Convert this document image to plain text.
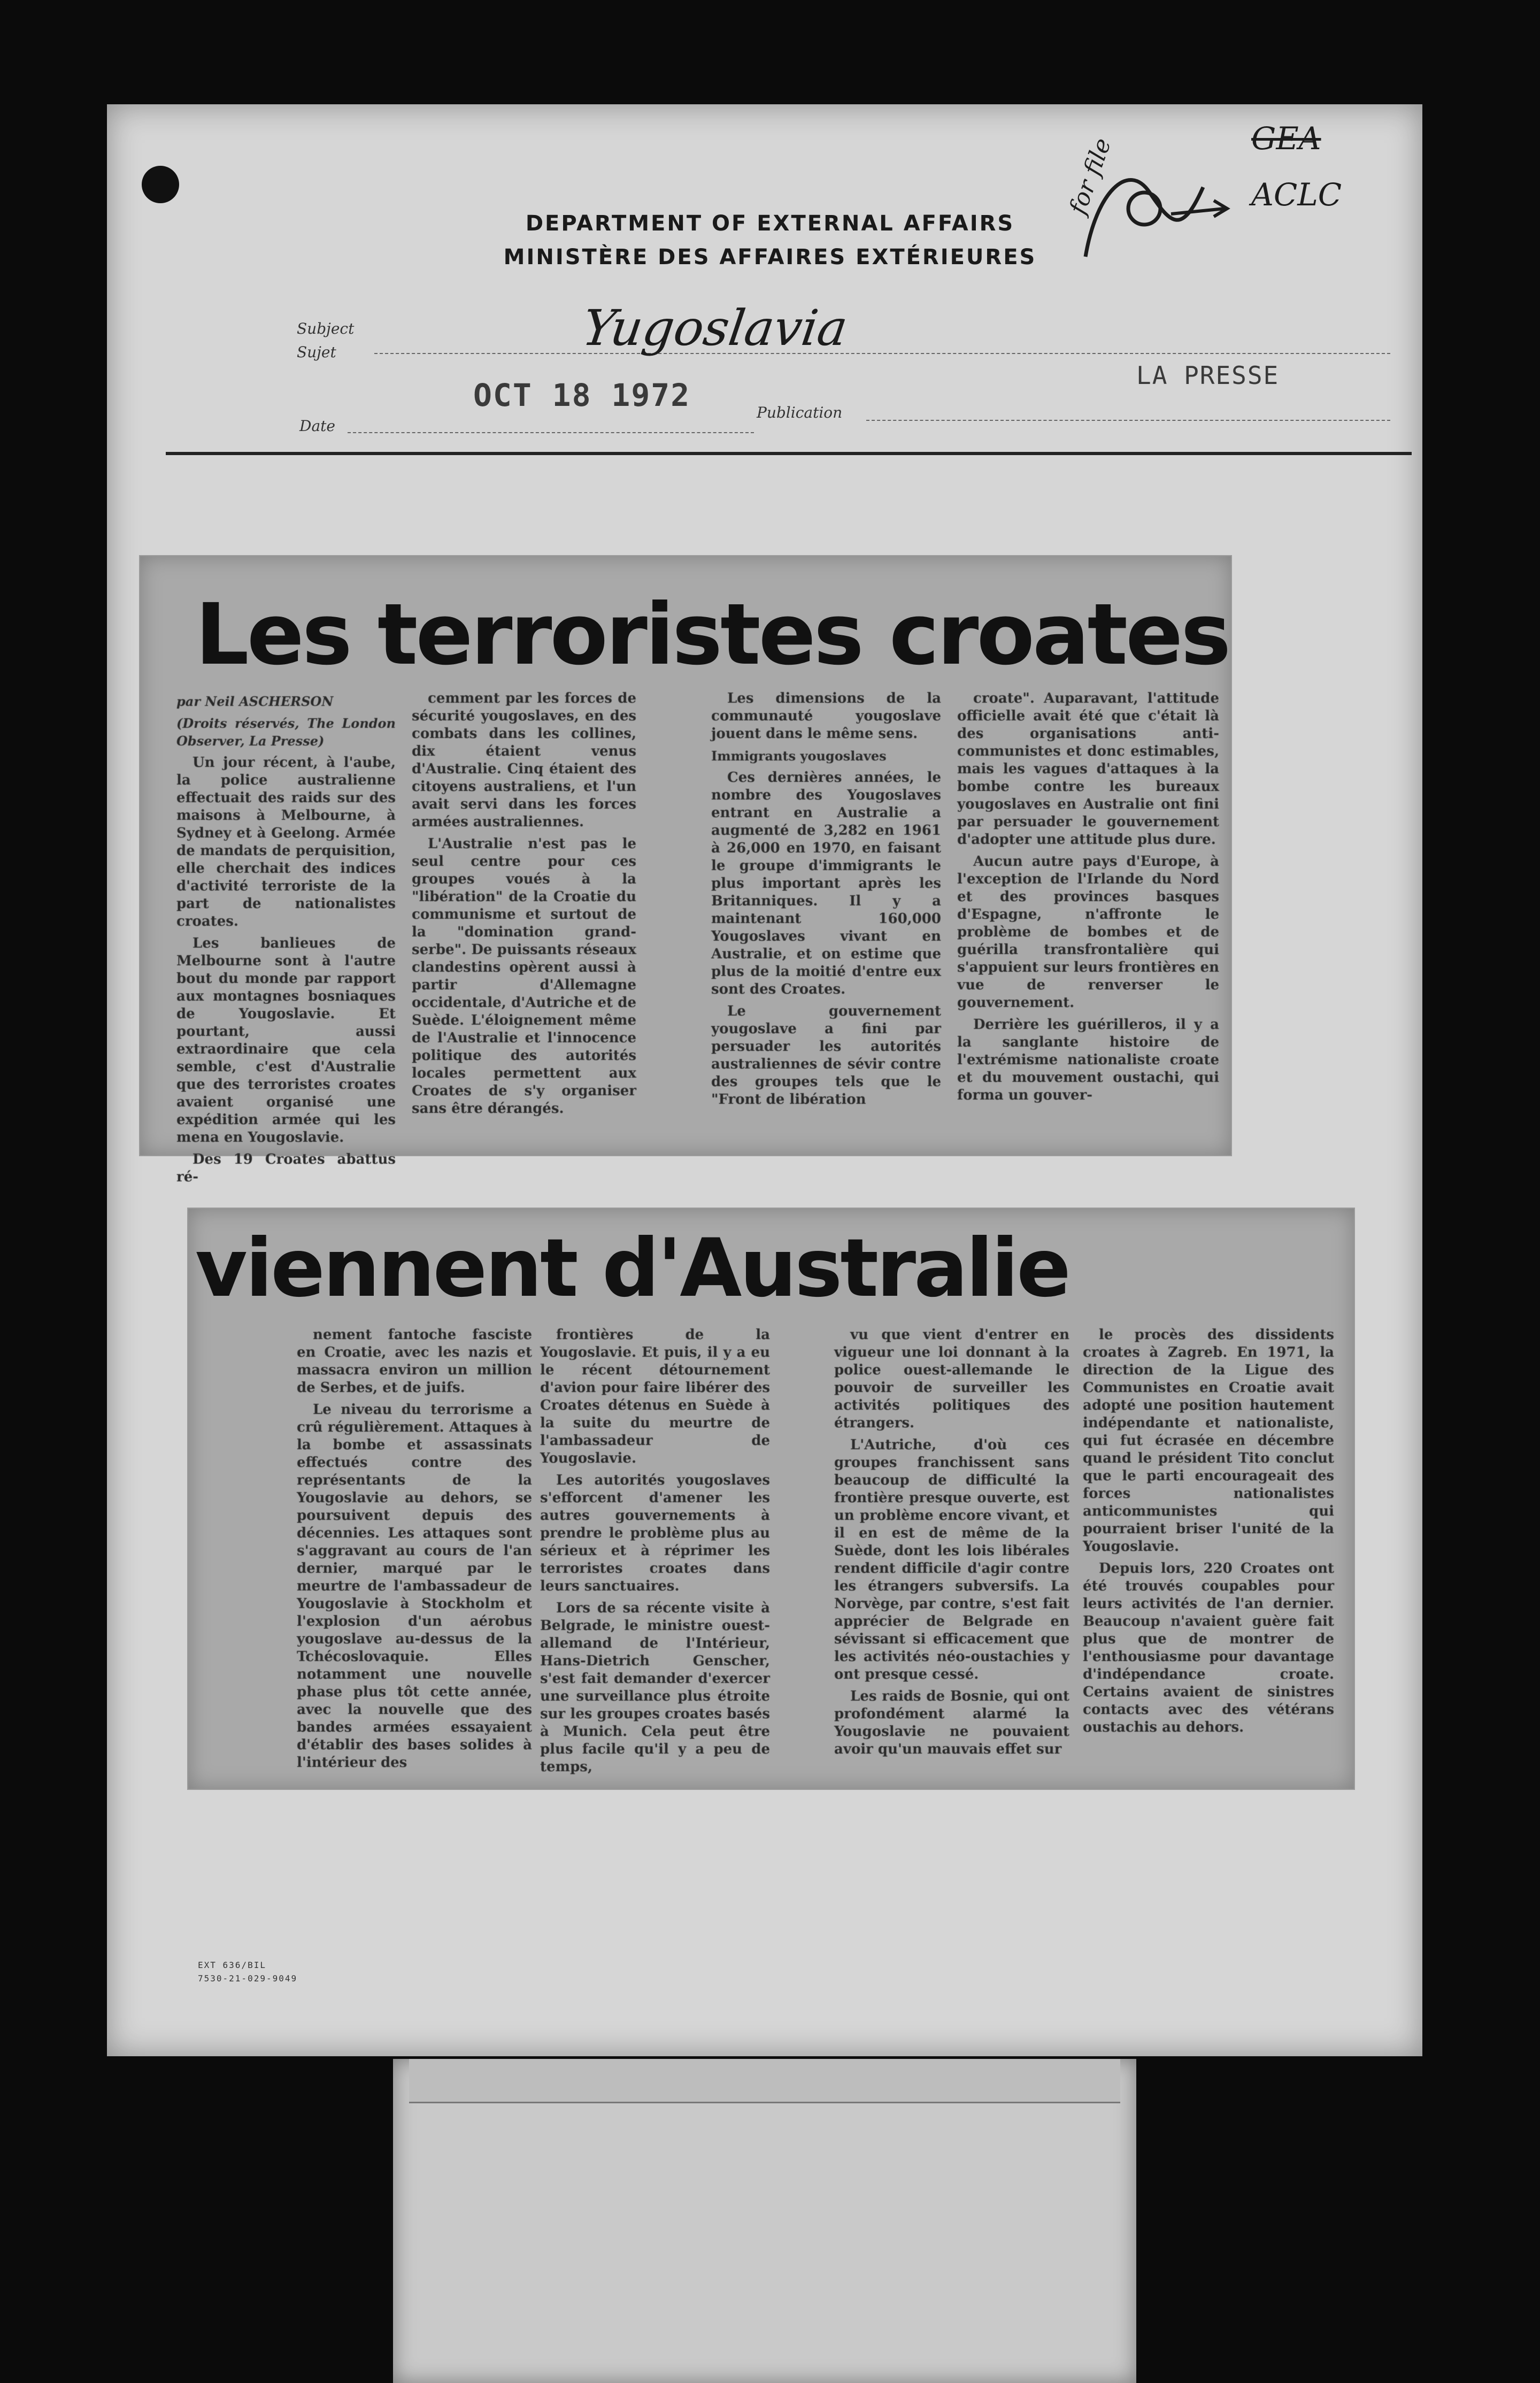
DEPARTMENT OF EXTERNAL AFFAIRS
MINISTÈRE DES AFFAIRES EXTÉRIEURES
GEA
ACLC
for file
Subject
Sujet	Yugoslavia
Date
OCT 18 1972	Publication
LA PRESSE
Les terroristes croates

par Neil ASCHERSON

(Droits réservés, The London Observer, La Presse)

Un jour récent, à l'aube, la police australienne effectuait des raids sur des maisons à Melbourne, à Sydney et à Geelong. Armée de mandats de perquisition, elle cherchait des indices d'activité terroriste de la part de nationalistes croates.

Les banlieues de Melbourne sont à l'autre bout du monde par rapport aux montagnes bosniaques de Yougoslavie. Et pourtant, aussi extraordinaire que cela semble, c'est d'Australie que des terroristes croates avaient organisé une expédition armée qui les mena en Yougoslavie.

Des 19 Croates abattus ré-

cemment par les forces de sécurité yougoslaves, en des combats dans les collines, dix étaient venus d'Australie. Cinq étaient des citoyens australiens, et l'un avait servi dans les forces armées australiennes.

L'Australie n'est pas le seul centre pour ces groupes voués à la "libération" de la Croatie du communisme et surtout de la "domination grand-serbe". De puissants réseaux clandestins opèrent aussi à partir d'Allemagne occidentale, d'Autriche et de Suède. L'éloignement même de l'Australie et l'innocence politique des autorités locales permettent aux Croates de s'y organiser sans être dérangés.

Les dimensions de la communauté yougoslave jouent dans le même sens.

Immigrants yougoslaves

Ces dernières années, le nombre des Yougoslaves entrant en Australie a augmenté de 3,282 en 1961 à 26,000 en 1970, en faisant le groupe d'immigrants le plus important après les Britanniques. Il y a maintenant 160,000 Yougoslaves vivant en Australie, et on estime que plus de la moitié d'entre eux sont des Croates.

Le gouvernement yougoslave a fini par persuader les autorités australiennes de sévir contre des groupes tels que le "Front de libération

croate". Auparavant, l'attitude officielle avait été que c'était là des organisations anti-communistes et donc estimables, mais les vagues d'attaques à la bombe contre les bureaux yougoslaves en Australie ont fini par persuader le gouvernement d'adopter une attitude plus dure.

Aucun autre pays d'Europe, à l'exception de l'Irlande du Nord et des provinces basques d'Espagne, n'affronte le problème de bombes et de guérilla transfrontalière qui s'appuient sur leurs frontières en vue de renverser le gouvernement.

Derrière les guérilleros, il y a la sanglante histoire de l'extrémisme nationaliste croate et du mouvement oustachi, qui forma un gouver-

viennent d'Australie

nement fantoche fasciste en Croatie, avec les nazis et massacra environ un million de Serbes, et de juifs.

Le niveau du terrorisme a crû régulièrement. Attaques à la bombe et assassinats effectués contre des représentants de la Yougoslavie au dehors, se poursuivent depuis des décennies. Les attaques sont s'aggravant au cours de l'an dernier, marqué par le meurtre de l'ambassadeur de Yougoslavie à Stockholm et l'explosion d'un aérobus yougoslave au-dessus de la Tchécoslovaquie. Elles notamment une nouvelle phase plus tôt cette année, avec la nouvelle que des bandes armées essayaient d'établir des bases solides à l'intérieur des

frontières de la Yougoslavie. Et puis, il y a eu le récent détournement d'avion pour faire libérer des Croates détenus en Suède à la suite du meurtre de l'ambassadeur de Yougoslavie.

Les autorités yougoslaves s'efforcent d'amener les autres gouvernements à prendre le problème plus au sérieux et à réprimer les terroristes croates dans leurs sanctuaires.

Lors de sa récente visite à Belgrade, le ministre ouest-allemand de l'Intérieur, Hans-Dietrich Genscher, s'est fait demander d'exercer une surveillance plus étroite sur les groupes croates basés à Munich. Cela peut être plus facile qu'il y a peu de temps,

vu que vient d'entrer en vigueur une loi donnant à la police ouest-allemande le pouvoir de surveiller les activités politiques des étrangers.

L'Autriche, d'où ces groupes franchissent sans beaucoup de difficulté la frontière presque ouverte, est un problème encore vivant, et il en est de même de la Suède, dont les lois libérales rendent difficile d'agir contre les étrangers subversifs. La Norvège, par contre, s'est fait apprécier de Belgrade en sévissant si efficacement que les activités néo-oustachies y ont presque cessé.

Les raids de Bosnie, qui ont profondément alarmé la Yougoslavie ne pouvaient avoir qu'un mauvais effet sur

le procès des dissidents croates à Zagreb. En 1971, la direction de la Ligue des Communistes en Croatie avait adopté une position hautement indépendante et nationaliste, qui fut écrasée en décembre quand le président Tito conclut que le parti encourageait des forces nationalistes anticommunistes qui pourraient briser l'unité de la Yougoslavie.

Depuis lors, 220 Croates ont été trouvés coupables pour leurs activités de l'an dernier. Beaucoup n'avaient guère fait plus que de montrer de l'enthousiasme pour davantage d'indépendance croate. Certains avaient de sinistres contacts avec des vétérans oustachis au dehors.

EXT 636/BIL
7530-21-029-9049
